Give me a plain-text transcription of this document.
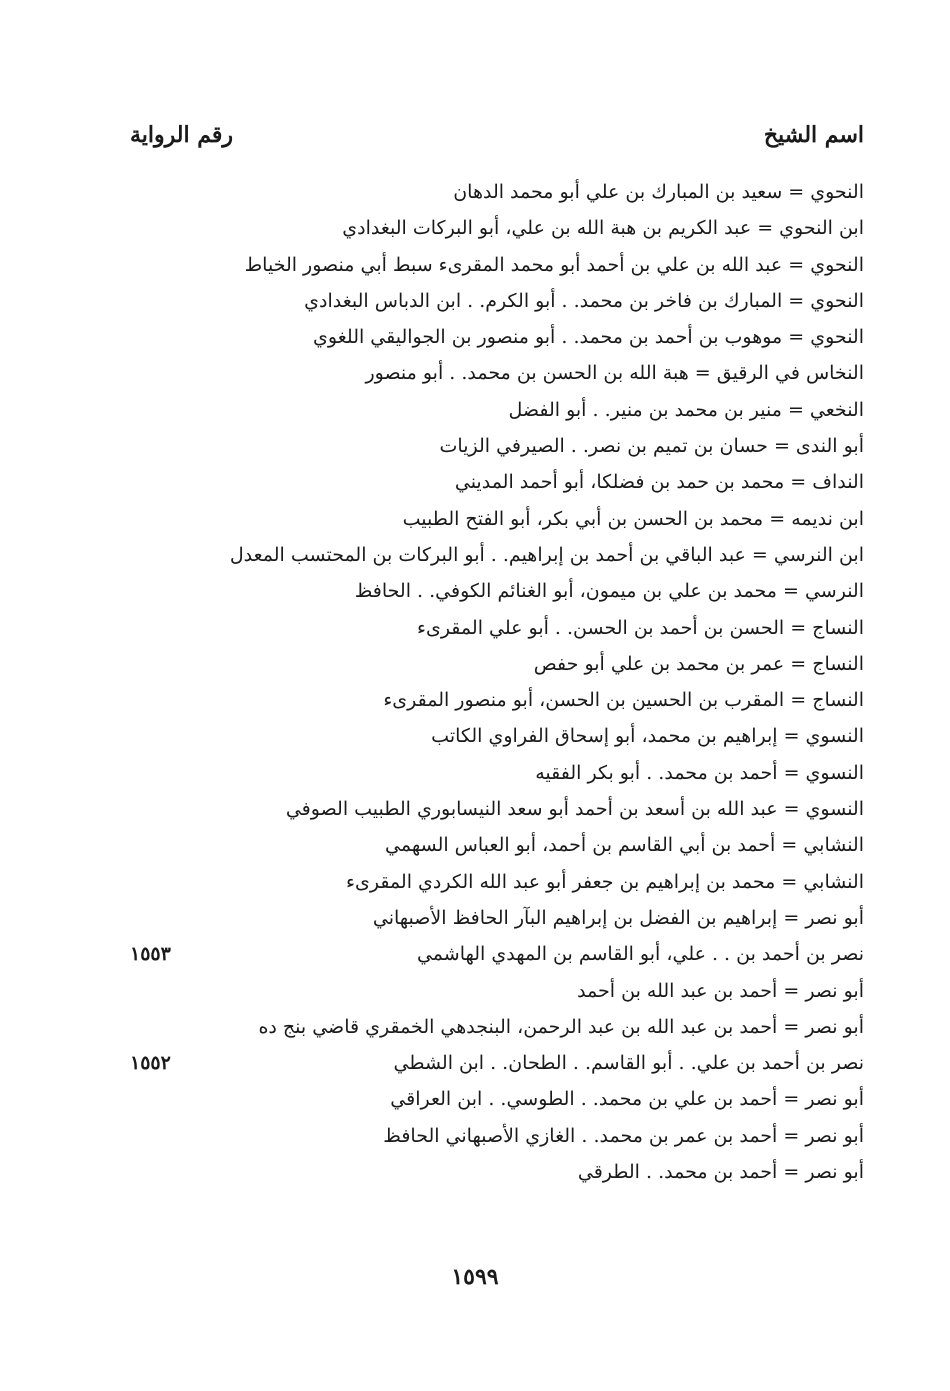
اسم الشيخ
رقم الرواية
النحوي = سعيد بن المبارك بن علي أبو محمد الدهان
ابن النحوي = عبد الكريم بن هبة الله بن علي، أبو البركات البغدادي
النحوي = عبد الله بن علي بن أحمد أبو محمد المقرىء سبط أبي منصور الخياط
النحوي = المبارك بن فاخر بن محمد. . أبو الكرم. . ابن الدباس البغدادي
النحوي = موهوب بن أحمد بن محمد. . أبو منصور بن الجواليقي اللغوي
النخاس في الرقيق = هبة الله بن الحسن بن محمد. . أبو منصور
النخعي = منير بن محمد بن منير. . أبو الفضل
أبو الندى = حسان بن تميم بن نصر. . الصيرفي الزيات
النداف = محمد بن حمد بن فضلكا، أبو أحمد المديني
ابن نديمه = محمد بن الحسن بن أبي بكر، أبو الفتح الطبيب
ابن النرسي = عبد الباقي بن أحمد بن إبراهيم. . أبو البركات بن المحتسب المعدل
النرسي = محمد بن علي بن ميمون، أبو الغنائم الكوفي. . الحافظ
النساج = الحسن بن أحمد بن الحسن. . أبو علي المقرىء
النساج = عمر بن محمد بن علي أبو حفص
النساج = المقرب بن الحسين بن الحسن، أبو منصور المقرىء
النسوي = إبراهيم بن محمد، أبو إسحاق الفراوي الكاتب
النسوي = أحمد بن محمد. . أبو بكر الفقيه
النسوي = عبد الله بن أسعد بن أحمد أبو سعد النيسابوري الطبيب الصوفي
النشابي = أحمد بن أبي القاسم بن أحمد، أبو العباس السهمي
النشابي = محمد بن إبراهيم بن جعفر أبو عبد الله الكردي المقرىء
أبو نصر = إبراهيم بن الفضل بن إبراهيم البآر الحافظ الأصبهاني
نصر بن أحمد بن . . علي، أبو القاسم بن المهدي الهاشمي
١٥٥٣
أبو نصر = أحمد بن عبد الله بن أحمد
أبو نصر = أحمد بن عبد الله بن عبد الرحمن، البنجدهي الخمقري قاضي بنج ده
نصر بن أحمد بن علي. . أبو القاسم. . الطحان. . ابن الشطي
١٥٥٢
أبو نصر = أحمد بن علي بن محمد. . الطوسي. . ابن العراقي
أبو نصر = أحمد بن عمر بن محمد. . الغازي الأصبهاني الحافظ
أبو نصر = أحمد بن محمد. . الطرقي
١٥٩٩
